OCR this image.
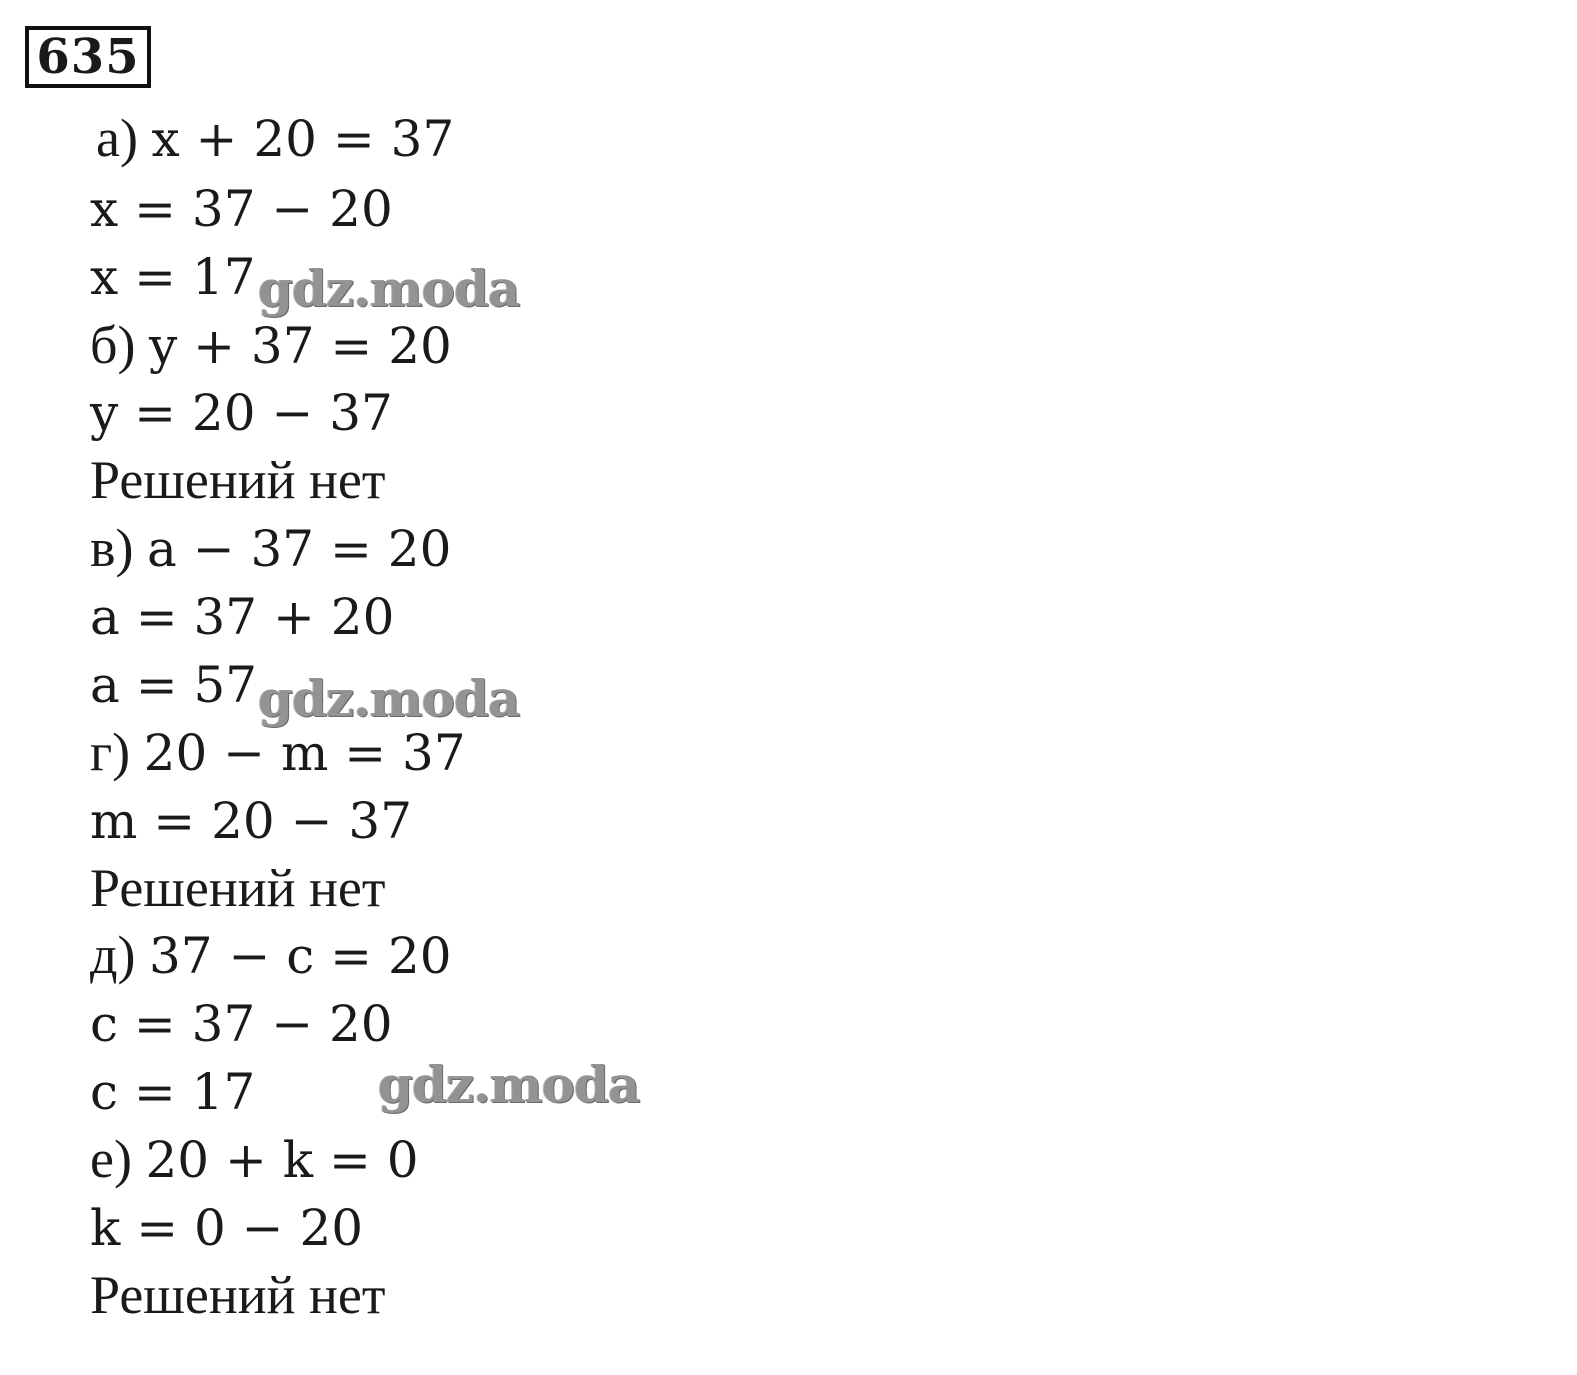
635
а) x + 20 = 37
x = 37 − 20
x = 17
б) y + 37 = 20
y = 20 − 37
Решений нет
в) a − 37 = 20
a = 37 + 20
a = 57
г) 20 − m = 37
m = 20 − 37
Решений нет
д) 37 − c = 20
c = 37 − 20
c = 17
е) 20 + k = 0
k = 0 − 20
Решений нет
gdz.moda
gdz.moda
gdz.moda
